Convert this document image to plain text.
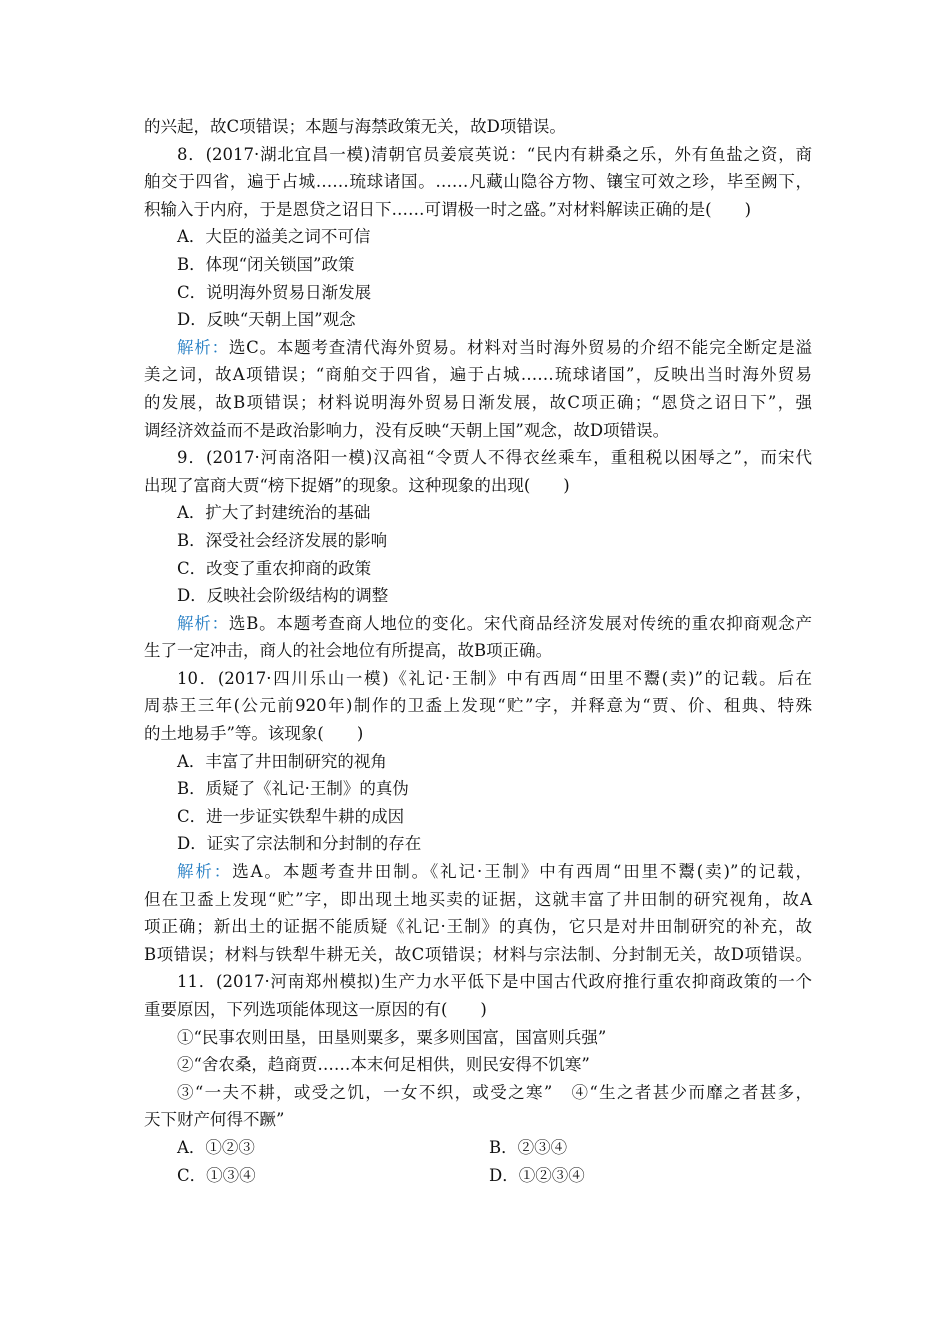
的兴起，故C项错误；本题与海禁政策无关，故D项错误。
8．(2017·湖北宜昌一模)清朝官员姜宸英说：“民内有耕桑之乐，外有鱼盐之资，商
舶交于四省，遍于占城……琉球诸国。……凡藏山隐谷方物、镶宝可效之珍，毕至阙下，
积输入于内府，于是恩贷之诏日下……可谓极一时之盛。”对材料解读正确的是(　　)
A．大臣的溢美之词不可信
B．体现“闭关锁国”政策
C．说明海外贸易日渐发展
D．反映“天朝上国”观念
解析：选C。本题考查清代海外贸易。材料对当时海外贸易的介绍不能完全断定是溢
美之词，故A项错误；“商舶交于四省，遍于占城……琉球诸国”，反映出当时海外贸易
的发展，故B项错误；材料说明海外贸易日渐发展，故C项正确；“恩贷之诏日下”，强
调经济效益而不是政治影响力，没有反映“天朝上国”观念，故D项错误。
9．(2017·河南洛阳一模)汉高祖“令贾人不得衣丝乘车，重租税以困辱之”，而宋代
出现了富商大贾“榜下捉婿”的现象。这种现象的出现(　　)
A．扩大了封建统治的基础
B．深受社会经济发展的影响
C．改变了重农抑商的政策
D．反映社会阶级结构的调整
解析：选B。本题考查商人地位的变化。宋代商品经济发展对传统的重农抑商观念产
生了一定冲击，商人的社会地位有所提高，故B项正确。
10．(2017·四川乐山一模)《礼记·王制》中有西周“田里不鬻(卖)”的记载。后在
周恭王三年(公元前920年)制作的卫盉上发现“贮”字，并释意为“贾、价、租典、特殊
的土地易手”等。该现象(　　)
A．丰富了井田制研究的视角
B．质疑了《礼记·王制》的真伪
C．进一步证实铁犁牛耕的成因
D．证实了宗法制和分封制的存在
解析：选A。本题考查井田制。《礼记·王制》中有西周“田里不鬻(卖)”的记载，
但在卫盉上发现“贮”字，即出现土地买卖的证据，这就丰富了井田制的研究视角，故A
项正确；新出土的证据不能质疑《礼记·王制》的真伪，它只是对井田制研究的补充，故
B项错误；材料与铁犁牛耕无关，故C项错误；材料与宗法制、分封制无关，故D项错误。
11．(2017·河南郑州模拟)生产力水平低下是中国古代政府推行重农抑商政策的一个
重要原因，下列选项能体现这一原因的有(　　)
①“民事农则田垦，田垦则粟多，粟多则国富，国富则兵强”
②“舍农桑，趋商贾……本末何足相供，则民安得不饥寒”
③“一夫不耕，或受之饥，一女不织，或受之寒”　④“生之者甚少而靡之者甚多，
天下财产何得不蹶”
A．①②③	B．②③④
C．①③④	D．①②③④
